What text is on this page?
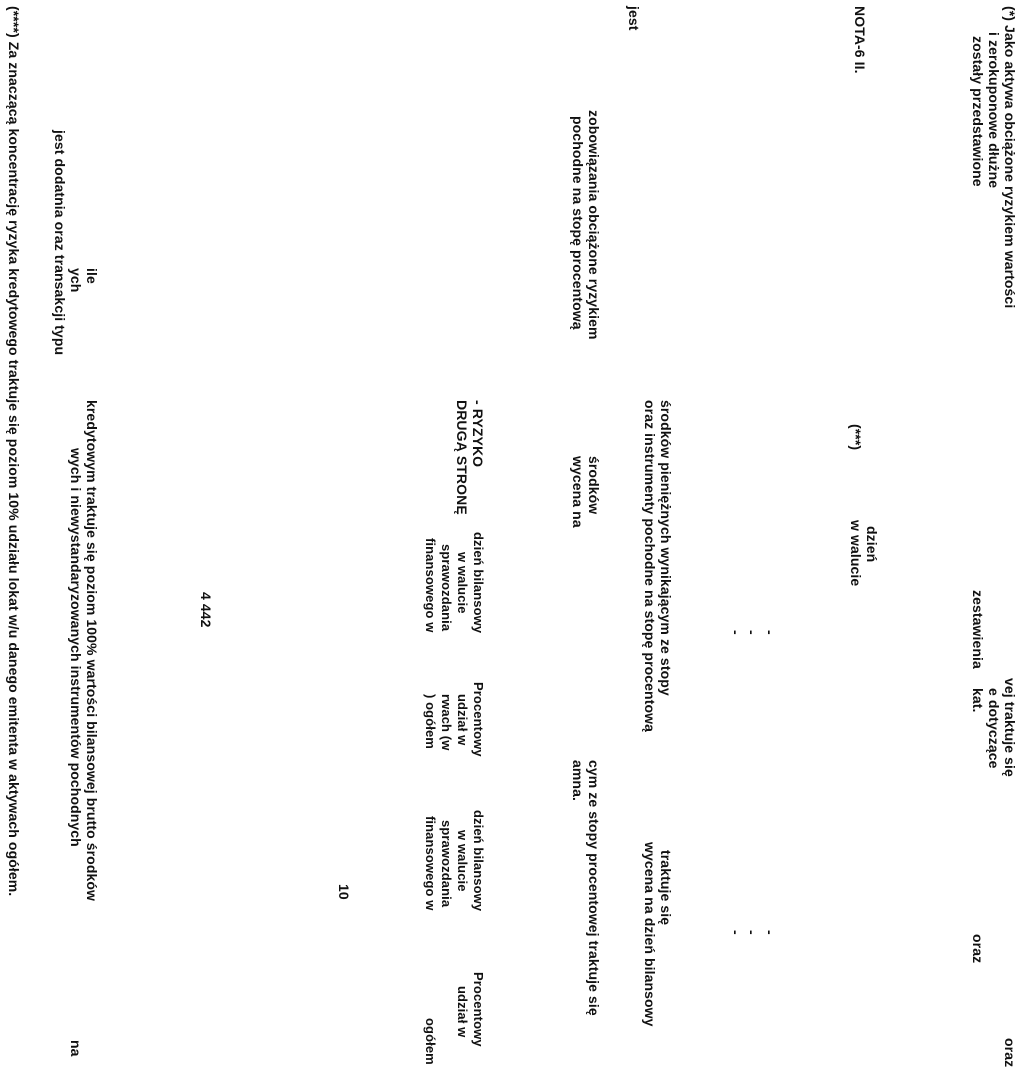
(*) Jako aktywa obciążone ryzykiem wartości
i zerokuponowe dłużne
zostały przedstawione
vej traktuje się
e dotyczące
zestawienia
kat.
oraz
oraz
NOTA-6 II.
(***)
dzień
w walucie
-
-
-
-
-
-
środków pieniężnych wynikającym ze stopy
oraz instrumenty pochodne na stopę procentową
traktuje się
wycena na dzień bilansowy
jest
zobowiązania obciążone ryzykiem
pochodne na stopę procentową
środków
wycena na
cym ze stopy procentowej traktuje się
amna.
- RYZYKO
DRUGĄ STRONĘ
dzień bilansowy
w walucie
sprawozdania
finansowego w
Procentowy
udział w
rwach (w
) ogółem
dzień bilansowy
w walucie
sprawozdania
finansowego w
Procentowy
udział w
ogółem
4 442
10
ile
ych
kredytowym traktuje się poziom 100% wartości bilansowej brutto środków
wych i niewystandaryzowanych instrumentów pochodnych
jest dodatnia oraz transakcji typu
na
(****) Za znaczącą koncentrację ryzyka kredytowego traktuje się poziom 10% udziału lokat w/u danego emitenta w aktywach ogółem.
